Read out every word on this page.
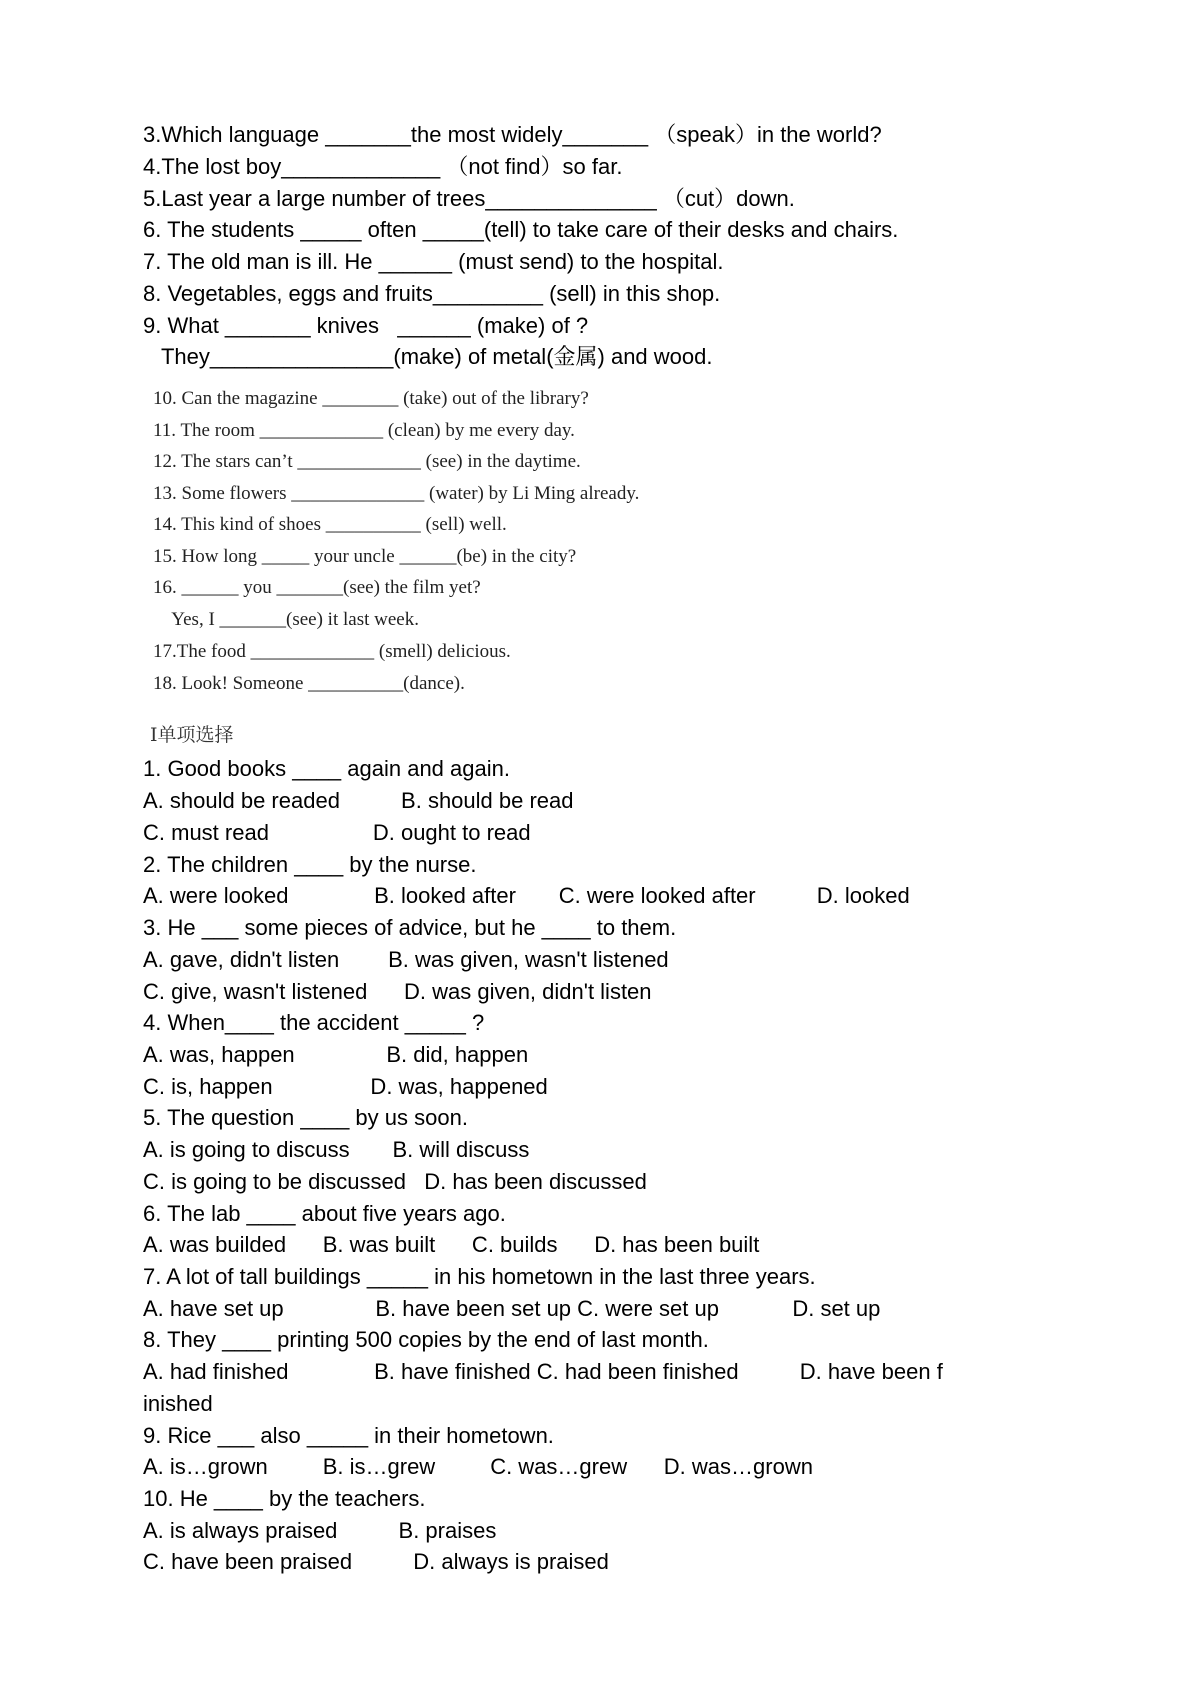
3.Which language _______the most widely_______ （speak）in the world?
4.The lost boy_____________ （not find）so far.
5.Last year a large number of trees______________ （cut）down.
6. The students _____ often _____(tell) to take care of their desks and chairs.
7. The old man is ill. He ______ (must send) to the hospital.
8. Vegetables, eggs and fruits_________ (sell) in this shop.
9. What _______ knives   ______ (make) of ?
They_______________(make) of metal(金属) and wood.
10. Can the magazine ________ (take) out of the library?
11. The room _____________ (clean) by me every day.
12. The stars can’t _____________ (see) in the daytime.
13. Some flowers ______________ (water) by Li Ming already.
14. This kind of shoes __________ (sell) well.
15. How long _____ your uncle ______(be) in the city?
16. ______ you _______(see) the film yet?
Yes, I _______(see) it last week.
17.The food _____________ (smell) delicious.
18. Look! Someone __________(dance).
Ⅰ单项选择
1. Good books ____ again and again.
A. should be readed          B. should be read
C. must read                 D. ought to read
2. The children ____ by the nurse.
A. were looked              B. looked after       C. were looked after          D. looked
3. He ___ some pieces of advice, but he ____ to them.
A. gave, didn't listen        B. was given, wasn't listened
C. give, wasn't listened      D. was given, didn't listen
4. When____ the accident _____ ?
A. was, happen               B. did, happen
C. is, happen                D. was, happened
5. The question ____ by us soon.
A. is going to discuss       B. will discuss
C. is going to be discussed   D. has been discussed
6. The lab ____ about five years ago.
A. was builded      B. was built      C. builds      D. has been built
7. A lot of tall buildings _____ in his hometown in the last three years.
A. have set up               B. have been set up C. were set up            D. set up
8. They ____ printing 500 copies by the end of last month.
A. had finished              B. have finished C. had been finished          D. have been f
inished
9. Rice ___ also _____ in their hometown.
A. is…grown         B. is…grew         C. was…grew      D. was…grown
10. He ____ by the teachers.
A. is always praised          B. praises
C. have been praised          D. always is praised
